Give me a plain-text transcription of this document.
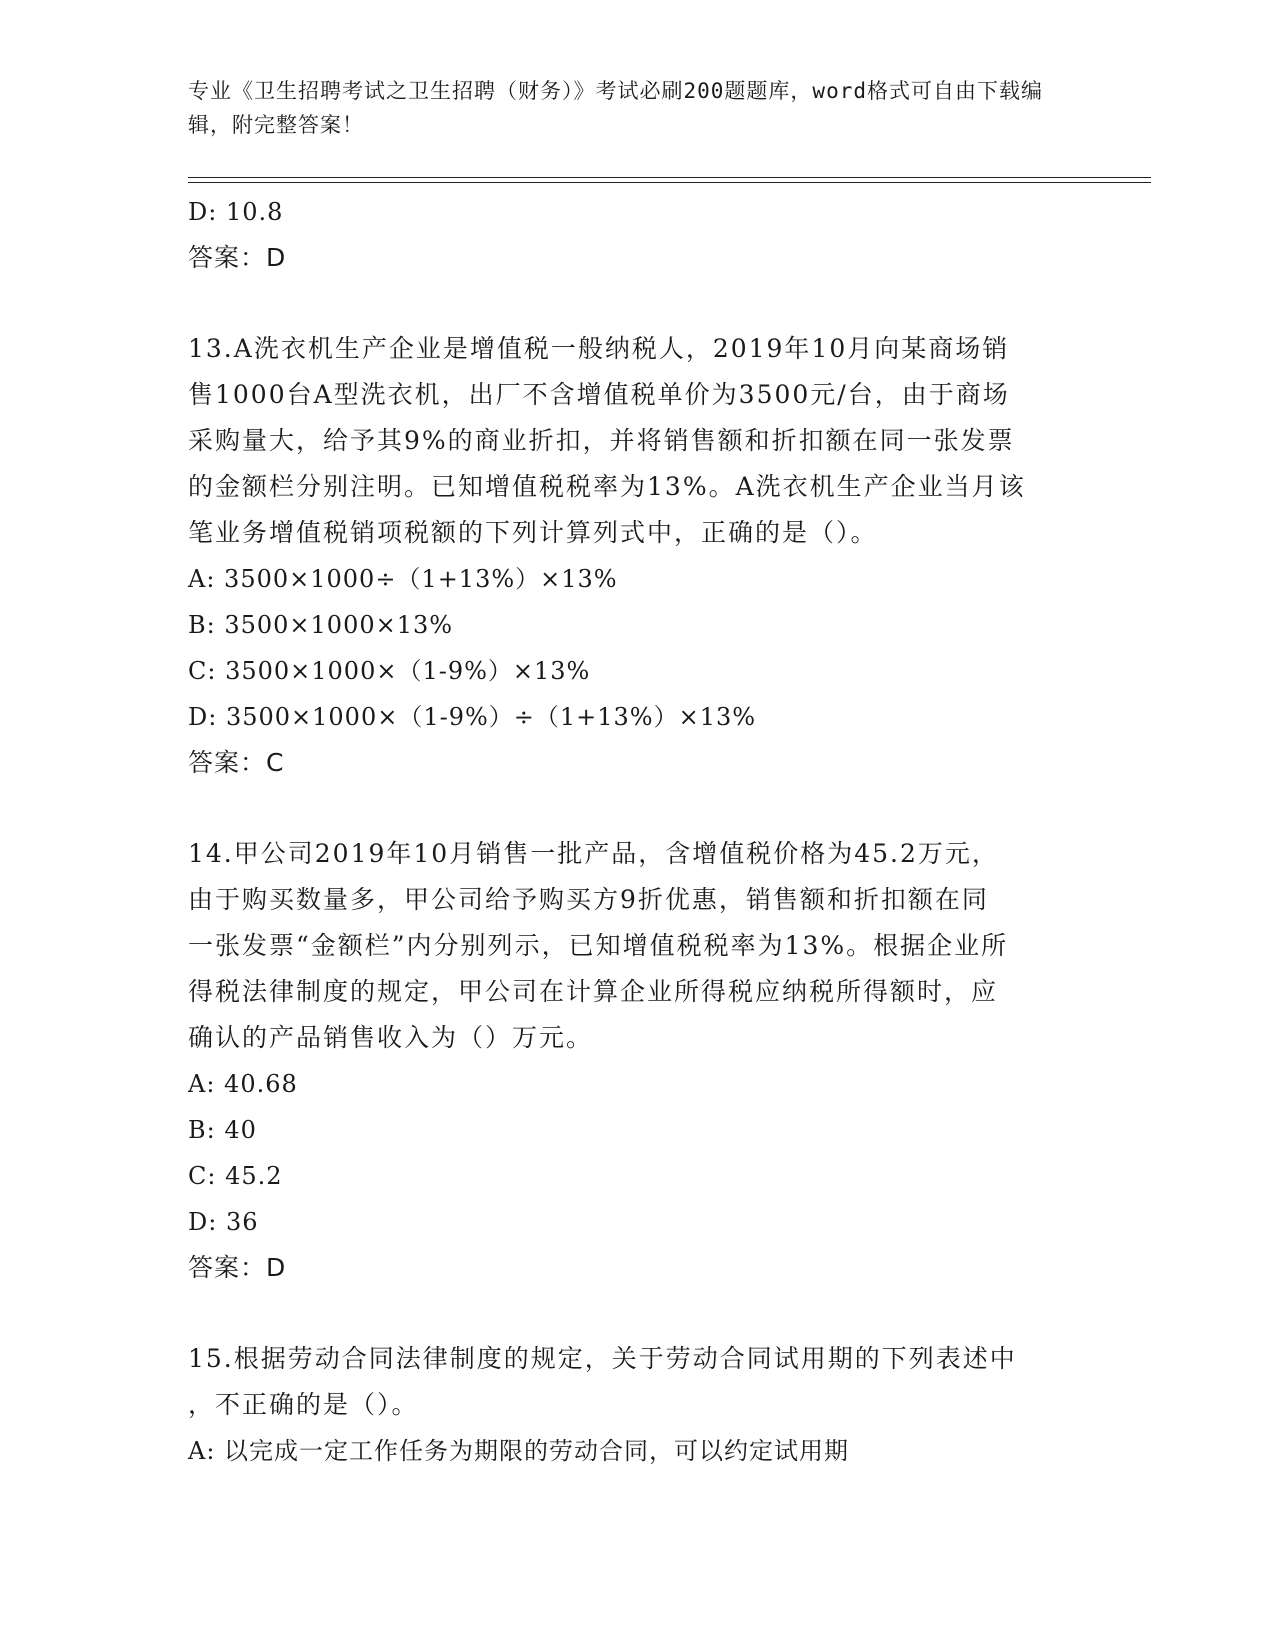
专业《卫生招聘考试之卫生招聘（财务）》考试必刷200题题库，word格式可自由下载编辑，附完整答案！
D: 10.8
答案：D
13.A洗衣机生产企业是增值税一般纳税人，2019年10月向某商场销
售1000台A型洗衣机，出厂不含增值税单价为3500元/台，由于商场
采购量大，给予其9%的商业折扣，并将销售额和折扣额在同一张发票
的金额栏分别注明。已知增值税税率为13%。A洗衣机生产企业当月该
笔业务增值税销项税额的下列计算列式中，正确的是（）。
A: 3500×1000÷（1+13%）×13%
B: 3500×1000×13%
C: 3500×1000×（1-9%）×13%
D: 3500×1000×（1-9%）÷（1+13%）×13%
答案：C
14.甲公司2019年10月销售一批产品，含增值税价格为45.2万元，
由于购买数量多，甲公司给予购买方9折优惠，销售额和折扣额在同
一张发票“金额栏”内分别列示，已知增值税税率为13%。根据企业所
得税法律制度的规定，甲公司在计算企业所得税应纳税所得额时，应
确认的产品销售收入为（）万元。
A: 40.68
B: 40
C: 45.2
D: 36
答案：D
15.根据劳动合同法律制度的规定，关于劳动合同试用期的下列表述中
，不正确的是（）。
A: 以完成一定工作任务为期限的劳动合同，可以约定试用期
